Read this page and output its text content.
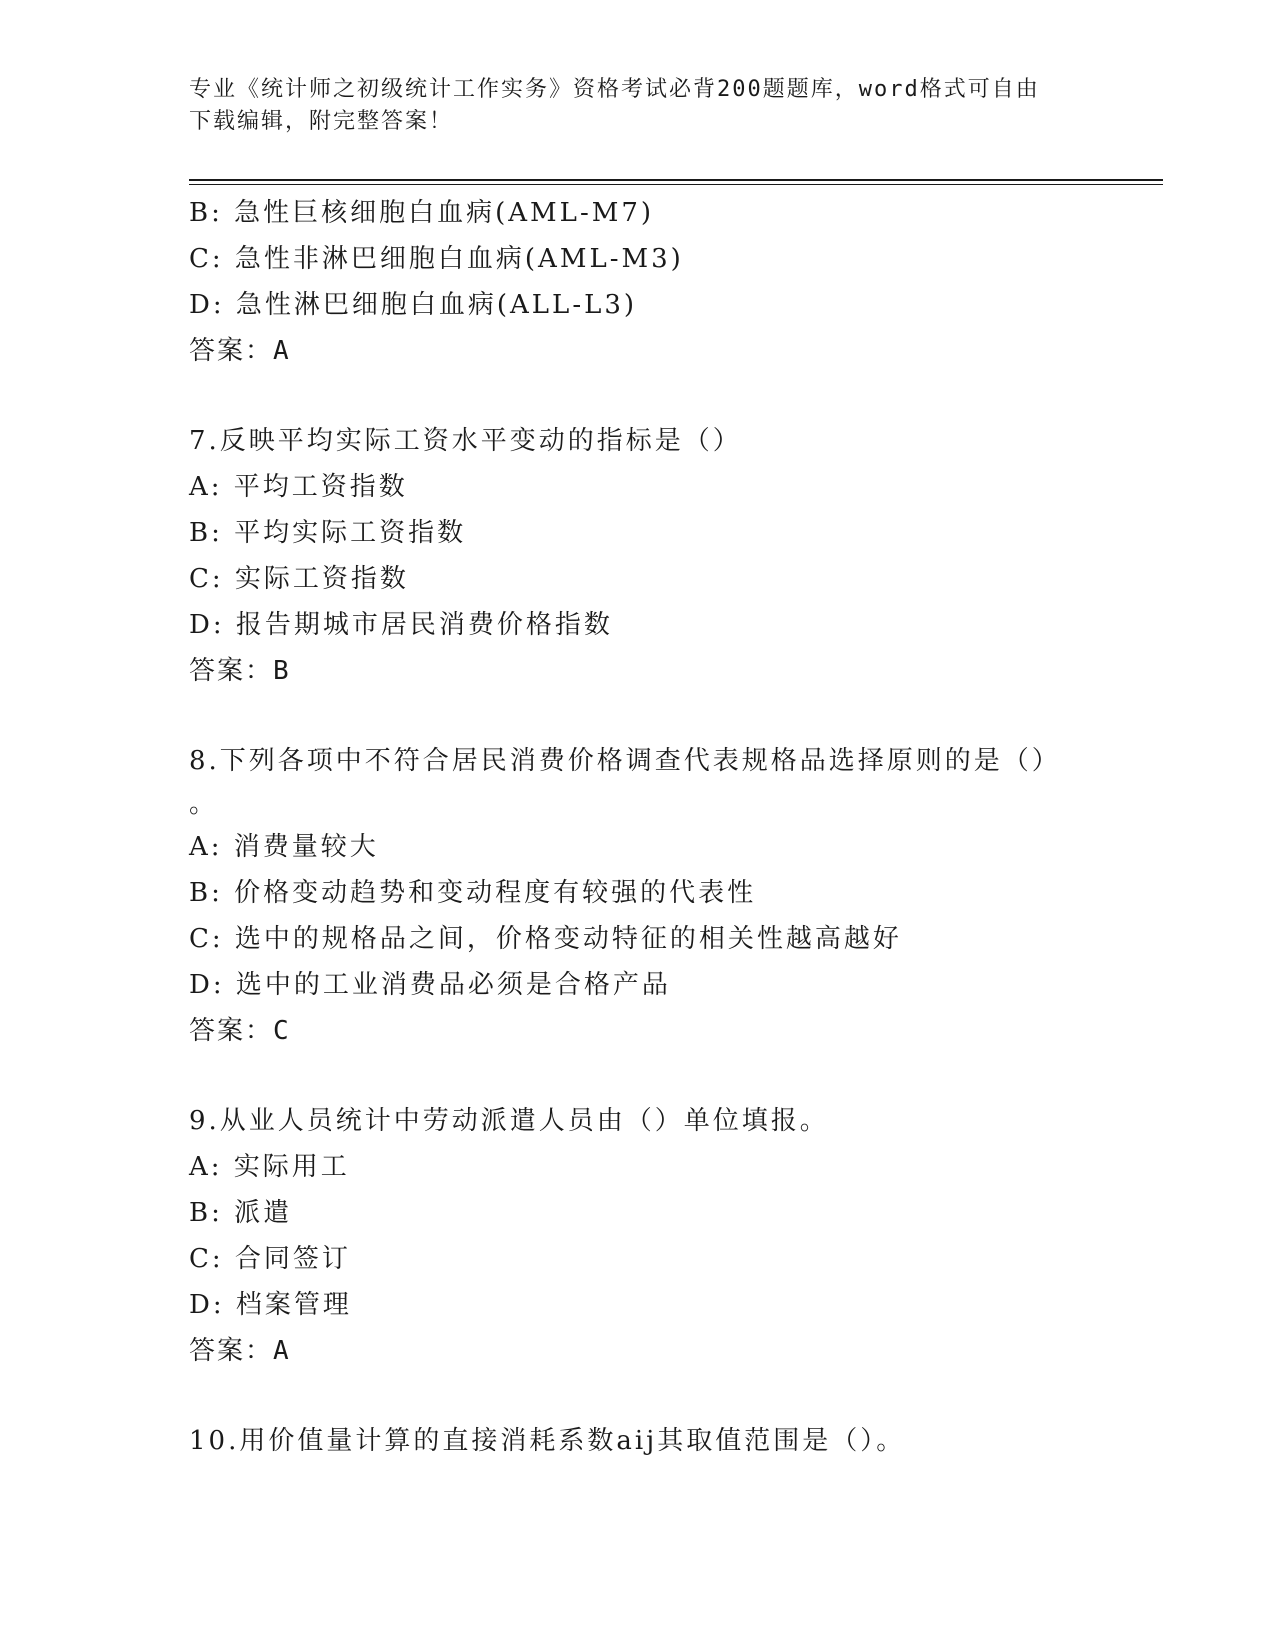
专业《统计师之初级统计工作实务》资格考试必背200题题库，word格式可自由
下载编辑，附完整答案！
B: 急性巨核细胞白血病(AML-M7)
C: 急性非淋巴细胞白血病(AML-M3)
D: 急性淋巴细胞白血病(ALL-L3)
答案：A
7.反映平均实际工资水平变动的指标是（）
A: 平均工资指数
B: 平均实际工资指数
C: 实际工资指数
D: 报告期城市居民消费价格指数
答案：B
8.下列各项中不符合居民消费价格调查代表规格品选择原则的是（）
。
A: 消费量较大
B: 价格变动趋势和变动程度有较强的代表性
C: 选中的规格品之间，价格变动特征的相关性越高越好
D: 选中的工业消费品必须是合格产品
答案：C
9.从业人员统计中劳动派遣人员由（）单位填报。
A: 实际用工
B: 派遣
C: 合同签订
D: 档案管理
答案：A
10.用价值量计算的直接消耗系数aij其取值范围是（）。
